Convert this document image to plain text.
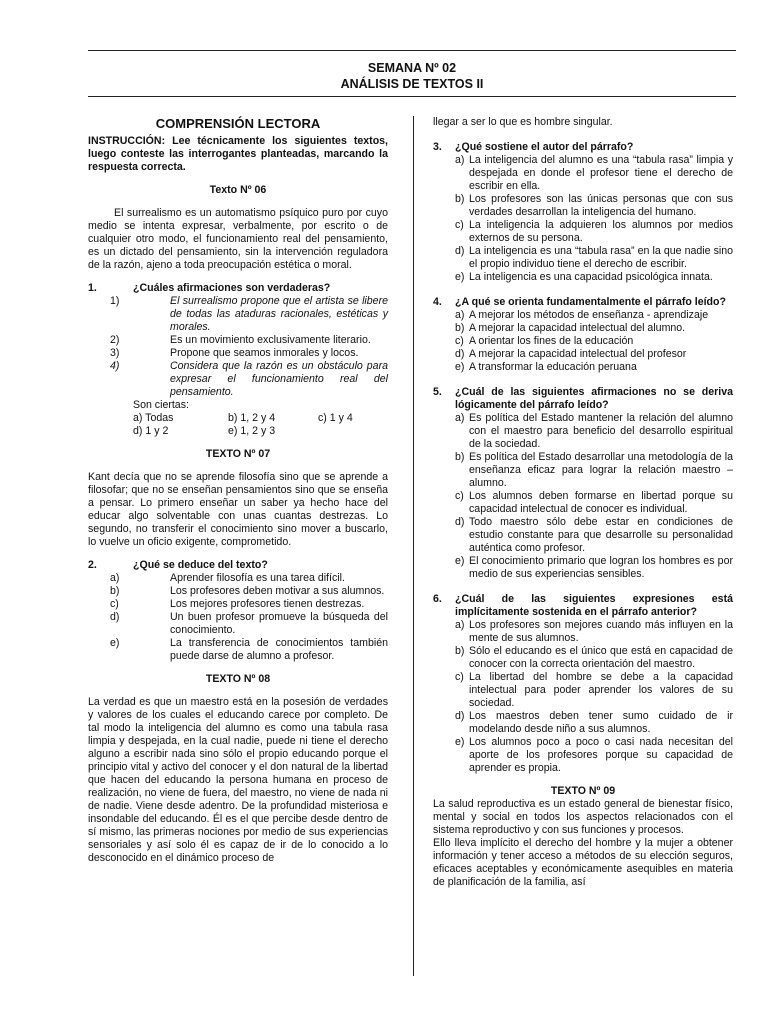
SEMANA Nº 02
ANÁLISIS DE TEXTOS II

COMPRENSIÓN LECTORA

INSTRUCCIÓN: Lee técnicamente los siguientes textos, luego conteste las interrogantes planteadas, marcando la respuesta correcta.

Texto Nº 06

El surrealismo es un automatismo psíquico puro por cuyo medio se intenta expresar, verbalmente, por escrito o de cualquier otro modo, el funcionamiento real del pensamiento, es un dictado del pensamiento, sin la intervención reguladora de la razón, ajeno a toda preocupación estética o moral.

1.	¿Cuáles afirmaciones son verdaderas?
1)	El surrealismo propone que el artista se libere de todas las ataduras racionales, estéticas y morales.
2)	Es un movimiento exclusivamente literario.
3)	Propone que seamos inmorales y locos.
4)	Considera que la razón es un obstáculo para expresar el funcionamiento real del pensamiento.

Son ciertas:

a) Todas	b) 1, 2 y 4	c) 1 y 4
d) 1 y 2	e) 1, 2 y 3

TEXTO Nº 07

Kant decía que no se aprende filosofía sino que se aprende a filosofar; que no se enseñan pensamientos sino que se enseña a pensar. Lo primero enseñar un saber ya hecho hace del educar algo solventable con unas cuantas destrezas. Lo segundo, no transferir el conocimiento sino mover a buscarlo, lo vuelve un oficio exigente, comprometido.

2.	¿Qué se deduce del texto?
a)	Aprender filosofía es una tarea difícil.
b)	Los profesores deben motivar a sus alumnos.
c)	Los mejores profesores tienen destrezas.
d)	Un buen profesor promueve la búsqueda del conocimiento.
e)	La transferencia de conocimientos también puede darse de alumno a profesor.

TEXTO Nº 08

La verdad es que un maestro está en la posesión de verdades y valores de los cuales el educando carece por completo. De tal modo la inteligencia del alumno es como una tabula rasa limpia y despejada, en la cual nadie, puede ni tiene el derecho alguno a escribir nada sino sólo el propio educando porque el principio vital y activo del conocer y el don natural de la libertad que hacen del educando la persona humana en proceso de realización, no viene de fuera, del maestro, no viene de nada ni de nadie. Viene desde adentro. De la profundidad misteriosa e insondable del educando. Él es el que percibe desde dentro de sí mismo, las primeras nociones por medio de sus experiencias sensoriales y así solo él es capaz de ir de lo conocido a lo desconocido en el dinámico proceso de

llegar a ser lo que es hombre singular.

3.	¿Qué sostiene el autor del párrafo?
a) La inteligencia del alumno es una “tabula rasa” limpia y despejada en donde el profesor tiene el derecho de escribir en ella.
b) Los profesores son las únicas personas que con sus verdades desarrollan la inteligencia del humano.
c) La inteligencia la adquieren los alumnos por medios externos de su persona.
d) La inteligencia es una “tabula rasa” en la que nadie sino el propio individuo tiene el derecho de escribir.
e) La inteligencia es una capacidad psicológica innata.
4.	¿A qué se orienta fundamentalmente el párrafo leído?
a) A mejorar los métodos de enseñanza - aprendizaje
b) A mejorar la capacidad intelectual del alumno.
c) A orientar los fines de la educación
d) A mejorar la capacidad intelectual del profesor
e) A transformar la educación peruana
5.	¿Cuál de las siguientes afirmaciones no se deriva lógicamente del párrafo leído?
a) Es política del Estado mantener la relación del alumno con el maestro para beneficio del desarrollo espiritual de la sociedad.
b) Es política del Estado desarrollar una metodología de la enseñanza eficaz para lograr la relación maestro – alumno.
c) Los alumnos deben formarse en libertad porque su capacidad intelectual de conocer es individual.
d) Todo maestro sólo debe estar en condiciones de estudio constante para que desarrolle su personalidad auténtica como profesor.
e) El conocimiento primario que logran los hombres es por medio de sus experiencias sensibles.
6.	¿Cuál de las siguientes expresiones está implícitamente sostenida en el párrafo anterior?
a) Los profesores son mejores cuando más influyen en la mente de sus alumnos.
b) Sólo el educando es el único que está en capacidad de conocer con la correcta orientación del maestro.
c) La libertad del hombre se debe a la capacidad intelectual para poder aprender los valores de su sociedad.
d) Los maestros deben tener sumo cuidado de ir modelando desde niño a sus alumnos.
e) Los alumnos poco a poco o casi nada necesitan del aporte de los profesores porque su capacidad de aprender es propia.

TEXTO Nº 09

La salud reproductiva es un estado general de bienestar físico, mental y social en todos los aspectos relacionados con el sistema reproductivo y con sus funciones y procesos.

Ello lleva implícito el derecho del hombre y la mujer a obtener información y tener acceso a métodos de su elección seguros, eficaces aceptables y económicamente asequibles en materia de planificación de la familia, así
